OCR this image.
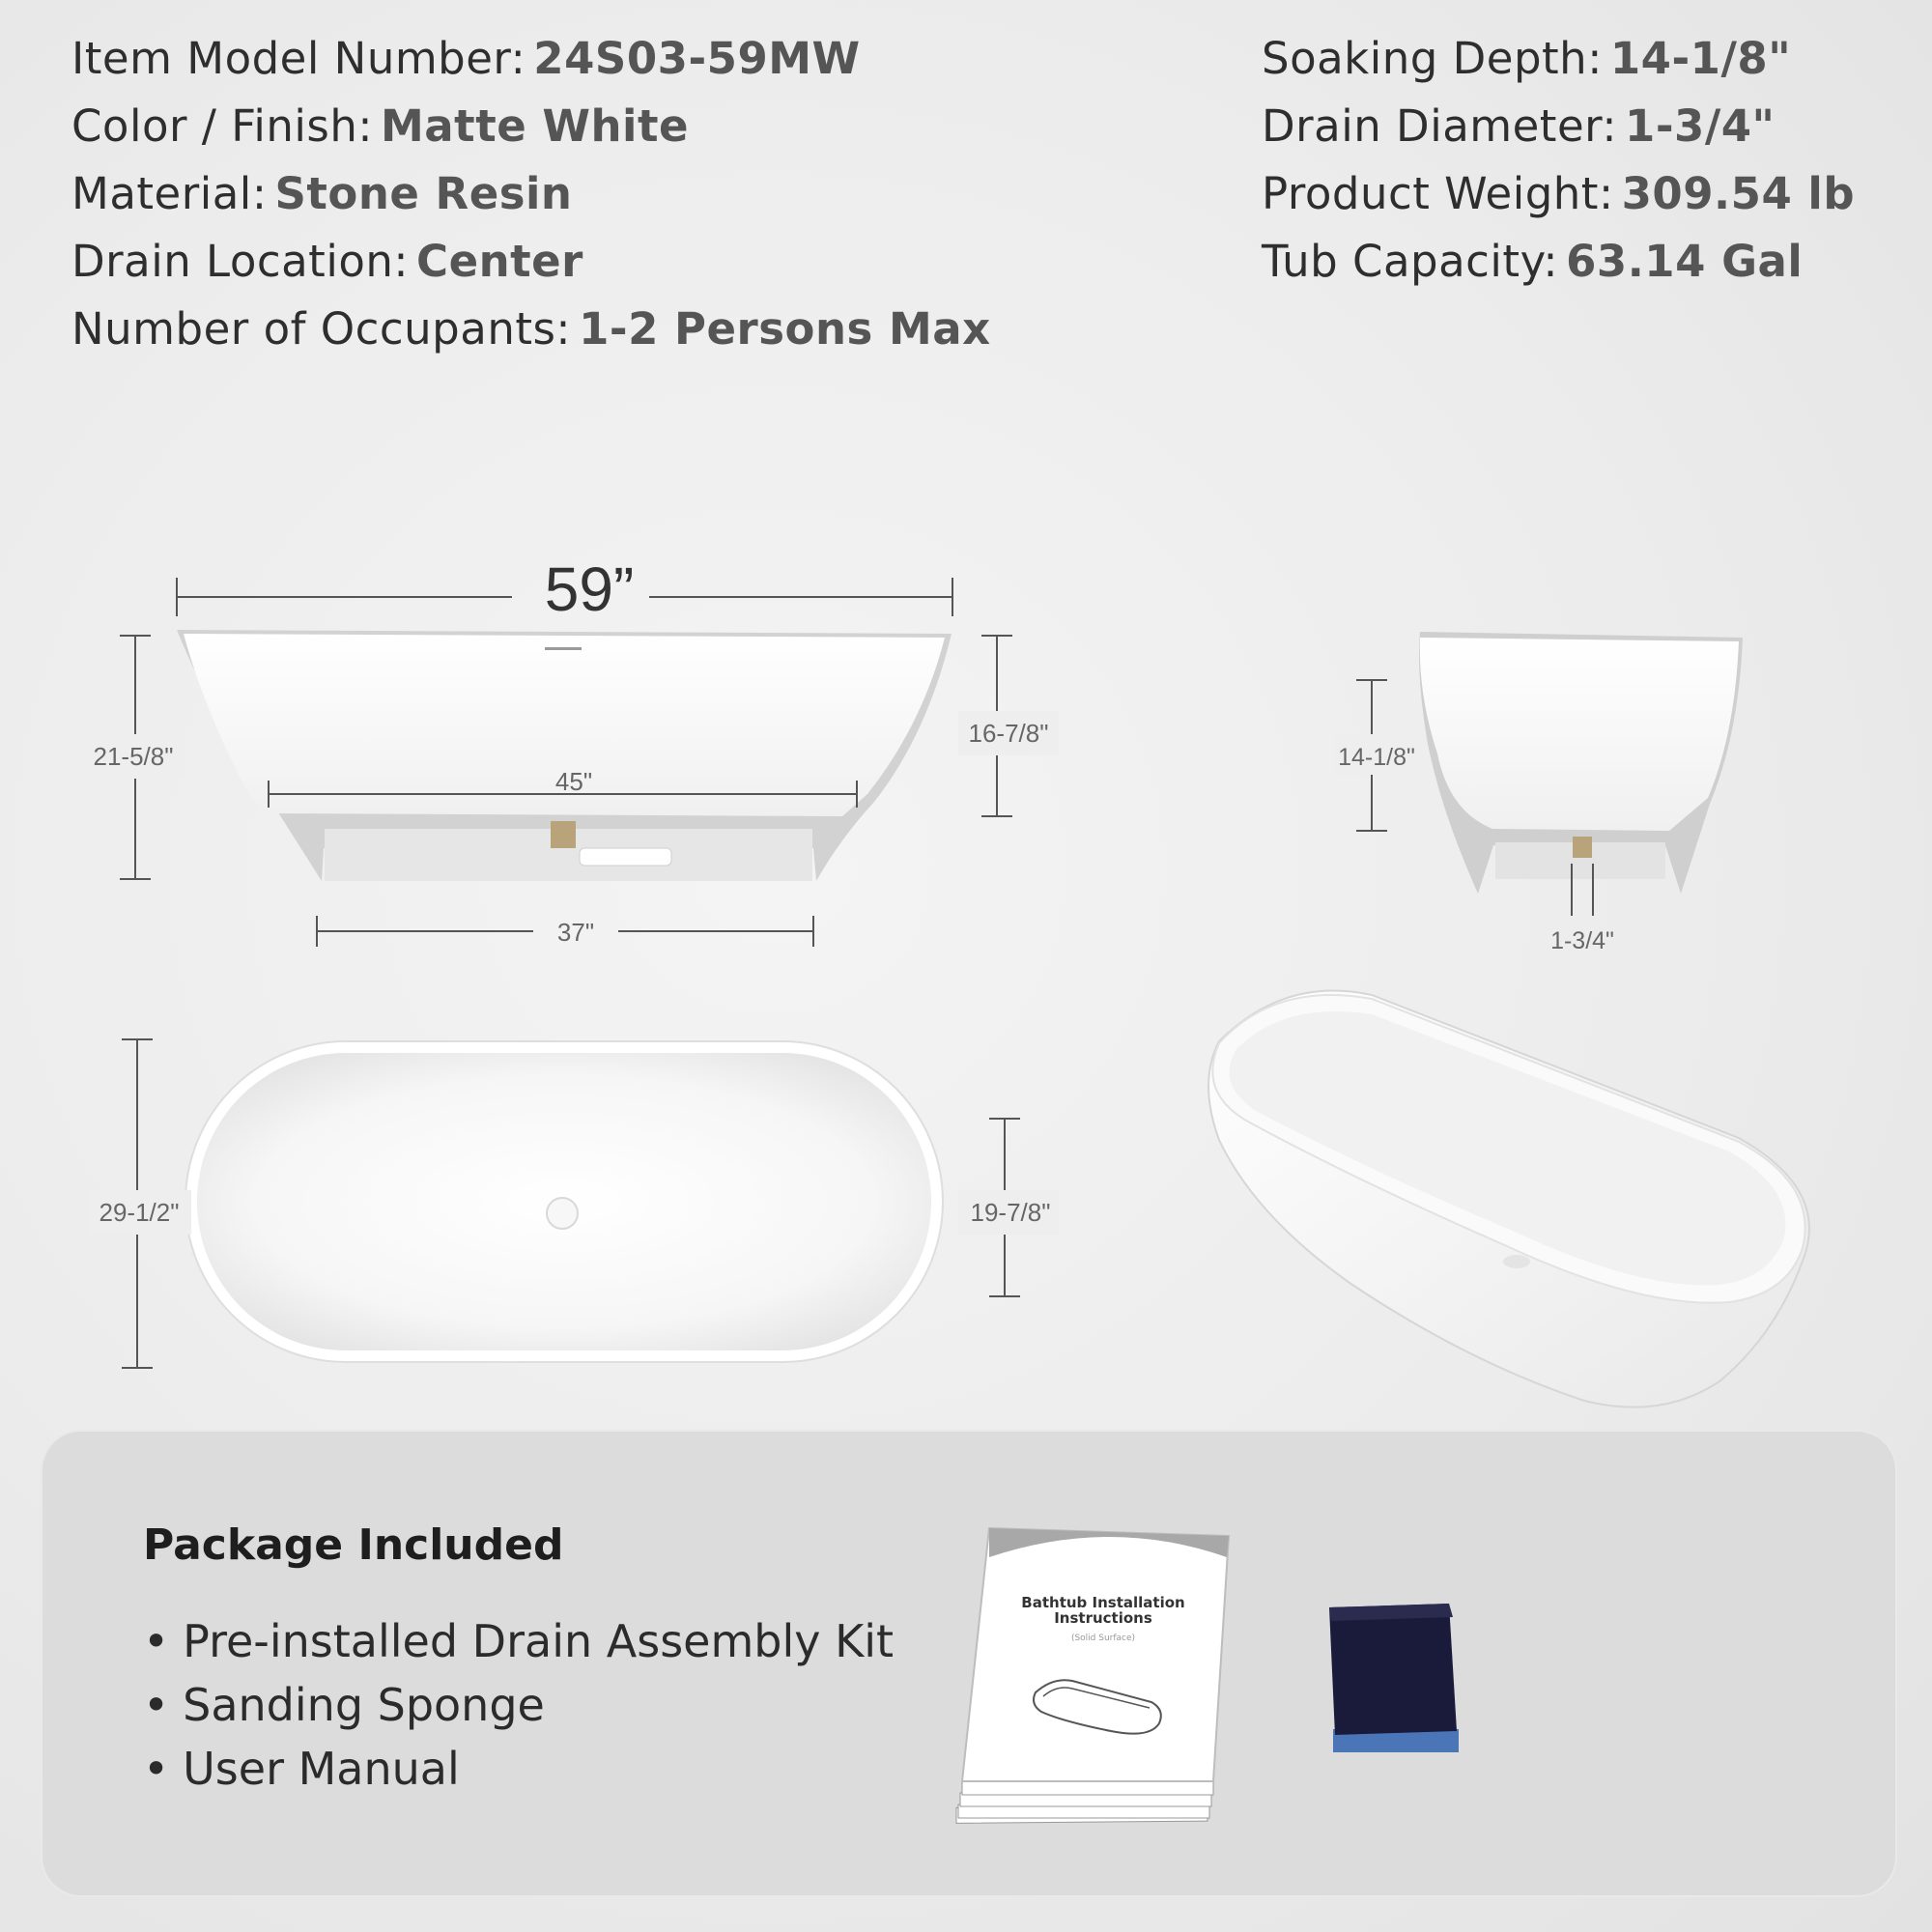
Item Model Number: 24S03-59MW
Color / Finish: Matte White
Material: Stone Resin
Drain Location: Center
Number of Occupants: 1-2 Persons Max
Soaking Depth: 14-1/8"
Drain Diameter: 1-3/4"
Product Weight: 309.54 lb
Tub Capacity: 63.14 Gal
59”
21-5/8"
45"
37"
16-7/8"
14-1/8"
1-3/4"
29-1/2"	19-7/8"
Bathtub Installation
Instructions
(Solid Surface)
Package Included
• Pre-installed Drain Assembly Kit
• Sanding Sponge
• User Manual
